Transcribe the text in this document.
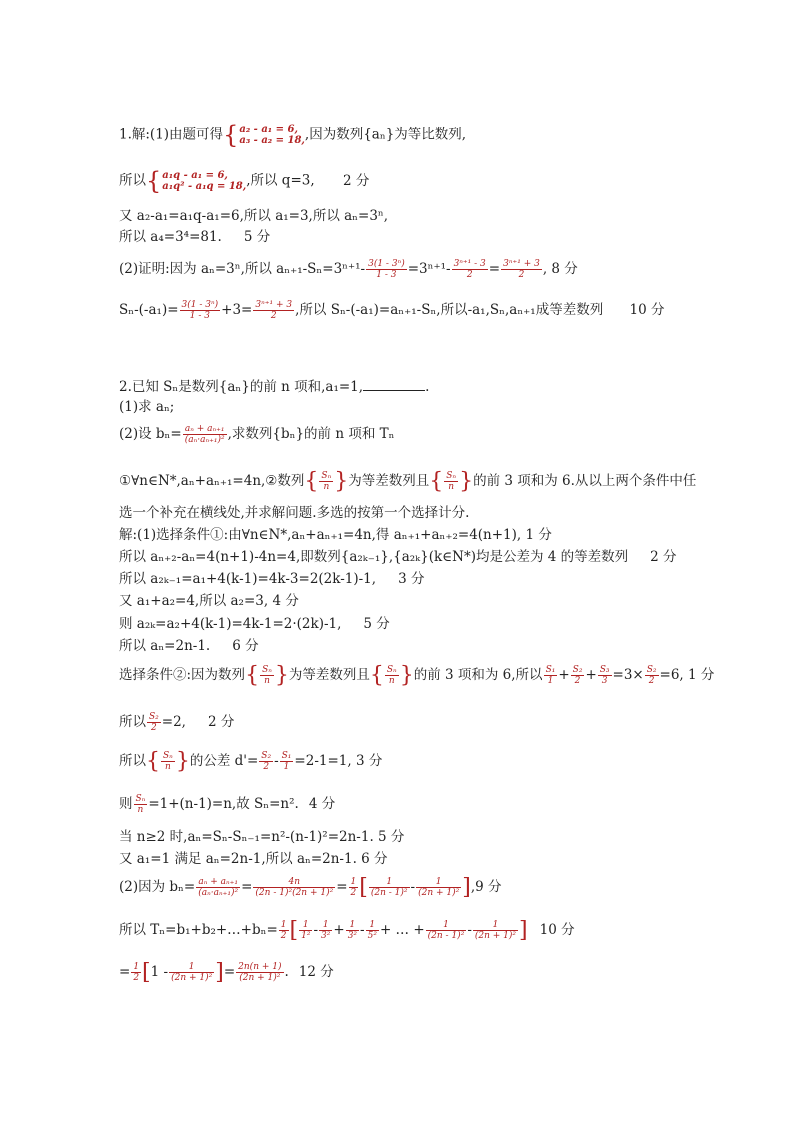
1.解:(1)由题可得{ a₂ - a₁ = 6,
a₃ - a₂ = 18, ,因为数列{aₙ}为等比数列,
所以{ a₁q - a₁ = 6,
a₁q² - a₁q = 18, ,所以 q=3, 2 分
又 a₂-a₁=a₁q-a₁=6,所以 a₁=3,所以 aₙ=3ⁿ,
所以 a₄=3⁴=81. 5 分
(2)证明:因为 aₙ=3ⁿ,所以 $a_{n+1}-S_n=3^{n+1}- \frac{\text{3(1 - 3ⁿ)}}{1 - 3} =3^{n+1}- \frac{\text{3ⁿ⁺¹ - 3}}{2} = \frac{\text{3ⁿ⁺¹ + 3}}{2}$ , 8 分
$S_n-(-a_1)= \frac{\text{3(1 - 3ⁿ)}}{1 - 3} +3= \frac{\text{3ⁿ⁺¹ + 3}}{2}$ ,所以 Sₙ-(-a₁)=aₙ₊₁-Sₙ,所以-a₁,Sₙ,aₙ₊₁成等差数列 10 分
2.已知 Sₙ是数列{aₙ}的前 n 项和,a₁=1,	.
(1)求 aₙ;
(2)设 $b_n= \frac{\text{aₙ + aₙ₊₁}}{\text{(aₙ·aₙ₊₁)²}}$ ,求数列{bₙ}的前 n 项和 Tₙ
①∀n∈N*,aₙ+aₙ₊₁=4n,②数列{ $\frac{\text{Sₙ}}{n}$ }为等差数列且{ $\frac{\text{Sₙ}}{n}$ }的前 3 项和为 6.从以上两个条件中任
选一个补充在横线处,并求解问题.多选的按第一个选择计分.
解:(1)选择条件①:由∀n∈N*,aₙ+aₙ₊₁=4n,得 aₙ₊₁+aₙ₊₂=4(n+1), 1 分
所以 aₙ₊₂-aₙ=4(n+1)-4n=4,即数列{a₂ₖ₋₁},{a₂ₖ}(k∈N*)均是公差为 4 的等差数列 2 分
所以 a₂ₖ₋₁=a₁+4(k-1)=4k-3=2(2k-1)-1, 3 分
又 a₁+a₂=4,所以 a₂=3, 4 分
则 a₂ₖ=a₂+4(k-1)=4k-1=2·(2k)-1, 5 分
所以 aₙ=2n-1. 6 分
选择条件②:因为数列{ $\frac{\text{Sₙ}}{n}$ }为等差数列且{ $\frac{\text{Sₙ}}{n}$ }的前 3 项和为 6,所以 $\frac{\text{S₁}}{1} + \frac{\text{S₂}}{2} + \frac{\text{S₃}}{3} =3\times \frac{\text{S₂}}{2} =6$, 1 分
所以 $\frac{\text{S₂}}{2} =2$, 2 分
所以{ $\frac{\text{Sₙ}}{n}$ }的公差 $d'= \frac{\text{S₂}}{2} - \frac{\text{S₁}}{1} =2-1=1$, 3 分
则 $\frac{\text{Sₙ}}{n} =1+(n-1)=n$,故 Sₙ=n². 4 分
当 n≥2 时,aₙ=Sₙ-Sₙ₋₁=n²-(n-1)²=2n-1. 5 分
又 a₁=1 满足 aₙ=2n-1,所以 aₙ=2n-1. 6 分
(2)因为 $b_n= \frac{\text{aₙ + aₙ₊₁}}{\text{(aₙ·aₙ₊₁)²}} = \frac{4n}{\text{(2n - 1)²(2n + 1)²}} = \frac{1}{2}$ [ $\frac{1}{\text{(2n - 1)²}} - \frac{1}{\text{(2n + 1)²}} ],9$ 分
所以 Tₙ=b₁+b₂+…+bₙ= $\frac{1}{2}$ [ $\frac{1}{\text{1²}} - \frac{1}{\text{3²}} + \frac{1}{\text{3²}} - \frac{1}{\text{5²}}$ + … + $\frac{1}{\text{(2n - 1)²}} - \frac{1}{\text{(2n + 1)²}}$ ] 10 分
= $\frac{1}{2} [1 - \frac{1}{\text{(2n + 1)²}}$ ]= $\frac{2n(n + 1)}{\text{(2n + 1)²}}$ . 12 分
